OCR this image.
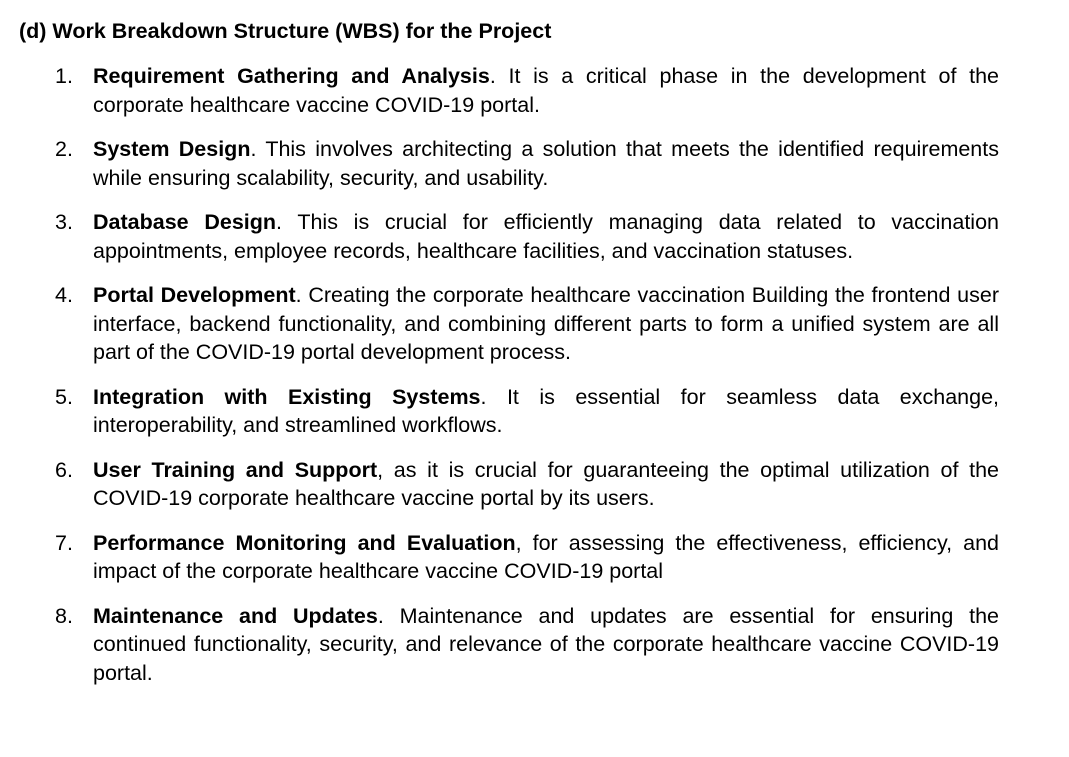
(d) Work Breakdown Structure (WBS) for the Project
1. Requirement Gathering and Analysis. It is a critical phase in the development of the corporate healthcare vaccine COVID-19 portal.
2. System Design. This involves architecting a solution that meets the identified requirements while ensuring scalability, security, and usability.
3. Database Design. This is crucial for efficiently managing data related to vaccination appointments, employee records, healthcare facilities, and vaccination statuses.
4. Portal Development. Creating the corporate healthcare vaccination Building the frontend user interface, backend functionality, and combining different parts to form a unified system are all part of the COVID-19 portal development process.
5. Integration with Existing Systems. It is essential for seamless data exchange, interoperability, and streamlined workflows.
6. User Training and Support, as it is crucial for guaranteeing the optimal utilization of the COVID-19 corporate healthcare vaccine portal by its users.
7. Performance Monitoring and Evaluation, for assessing the effectiveness, efficiency, and impact of the corporate healthcare vaccine COVID-19 portal
8. Maintenance and Updates. Maintenance and updates are essential for ensuring the continued functionality, security, and relevance of the corporate healthcare vaccine COVID-19 portal.
